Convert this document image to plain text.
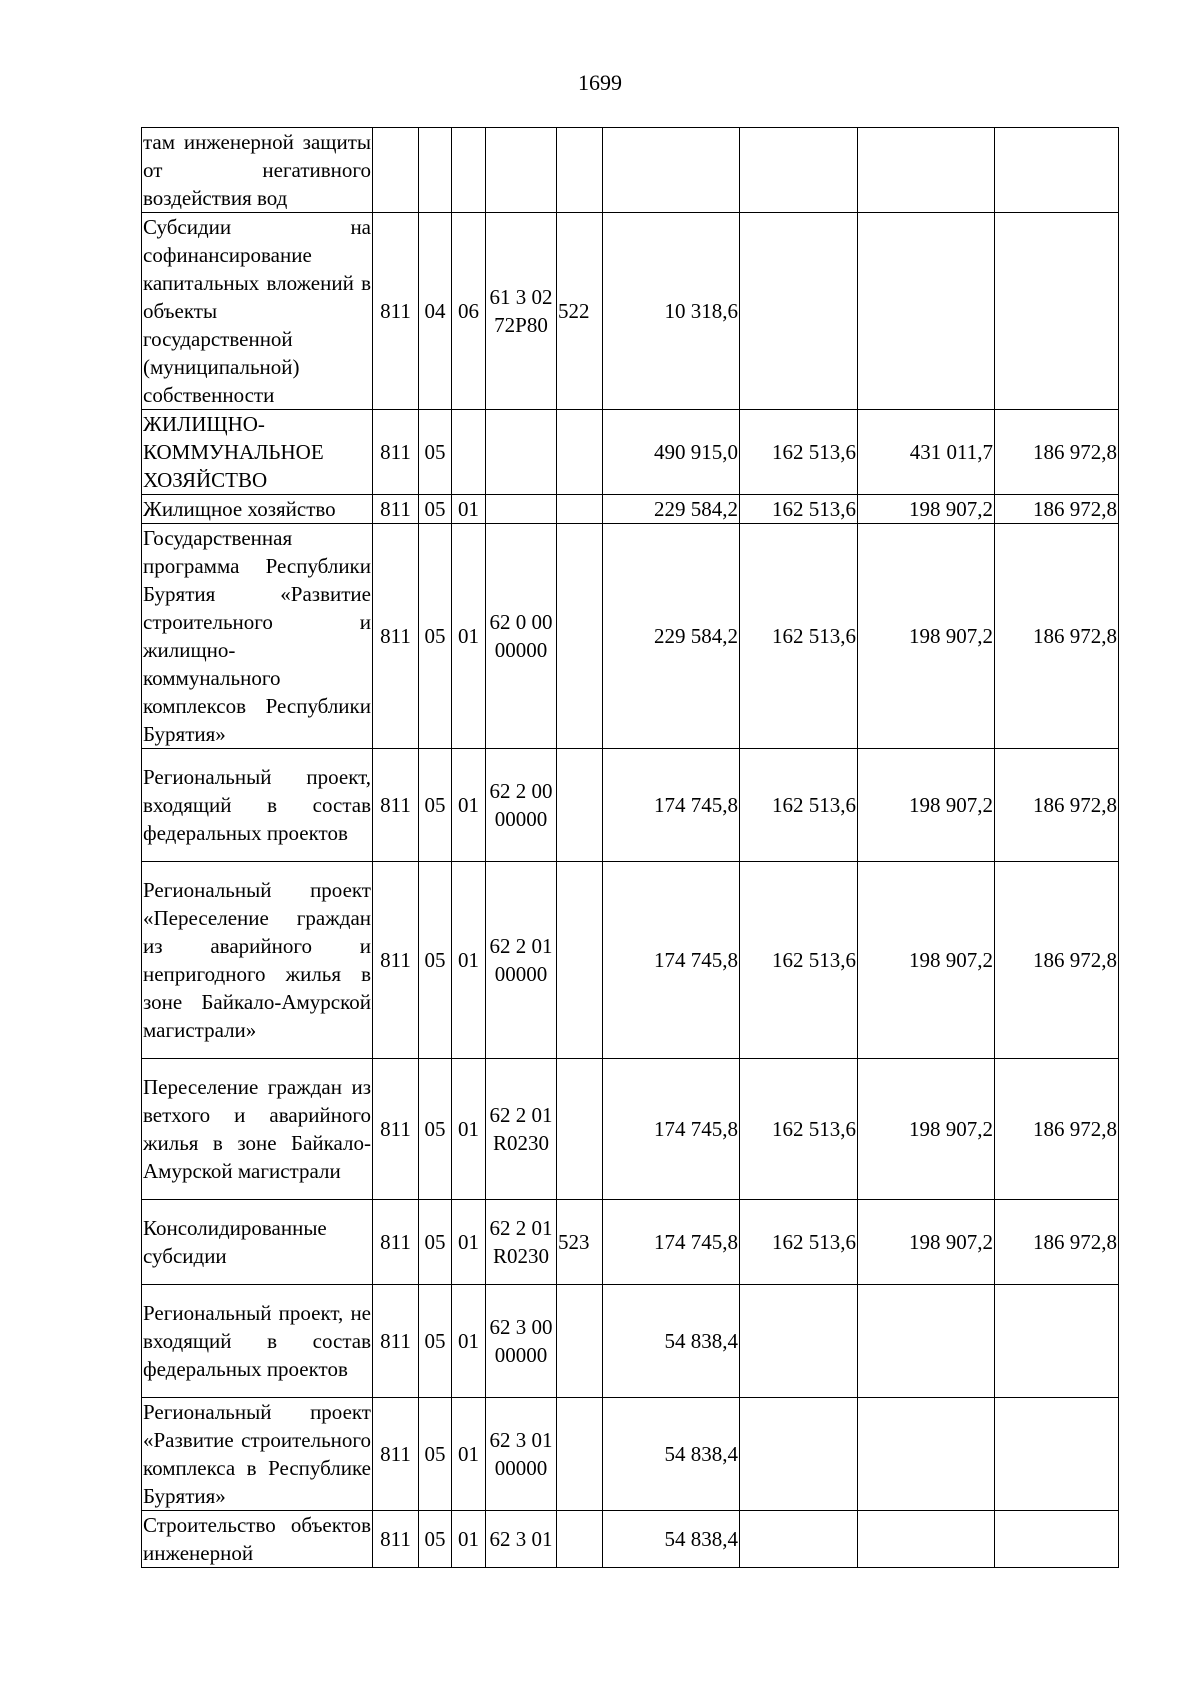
1699
там инженерной защиты от негативного воздействия вод									
Субсидии на софинансирование капитальных вложений в объекты государственной (муниципальной) собственности	811	04	06	61 3 02 72P80	522	10 318,6			
ЖИЛИЩНО-КОММУНАЛЬНОЕ ХОЗЯЙСТВО	811	05				490 915,0	162 513,6	431 011,7	186 972,8
Жилищное хозяйство	811	05	01			229 584,2	162 513,6	198 907,2	186 972,8
Государственная программа Республики Бурятия «Развитие строительного и жилищно-коммунального комплексов Республики Бурятия»	811	05	01	62 0 00 00000		229 584,2	162 513,6	198 907,2	186 972,8
Региональный проект, входящий в состав федеральных проектов	811	05	01	62 2 00 00000		174 745,8	162 513,6	198 907,2	186 972,8
Региональный проект «Переселение граждан из аварийного и непригодного жилья в зоне Байкало-Амурской магистрали»	811	05	01	62 2 01 00000		174 745,8	162 513,6	198 907,2	186 972,8
Переселение граждан из ветхого и аварийного жилья в зоне Байкало-Амурской магистрали	811	05	01	62 2 01 R0230		174 745,8	162 513,6	198 907,2	186 972,8
Консолидированные субсидии	811	05	01	62 2 01 R0230	523	174 745,8	162 513,6	198 907,2	186 972,8
Региональный проект, не входящий в состав федеральных проектов	811	05	01	62 3 00 00000		54 838,4			
Региональный проект «Развитие строительного комплекса в Республике Бурятия»	811	05	01	62 3 01 00000		54 838,4			
Строительство объектов инженерной	811	05	01	62 3 01		54 838,4			
